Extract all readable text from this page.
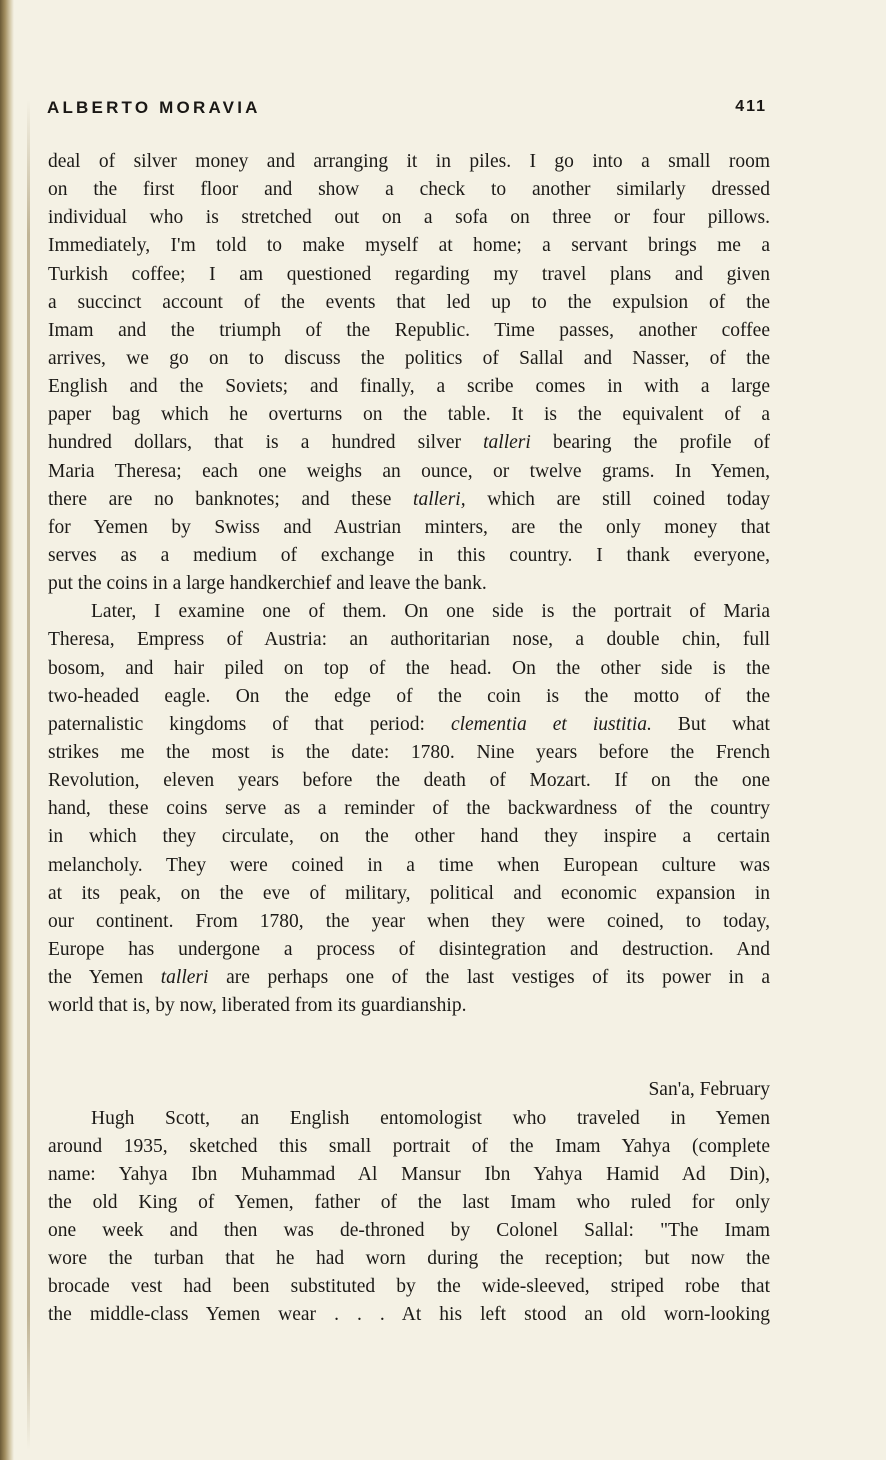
ALBERTO MORAVIA	411
deal of silver money and arranging it in piles. I go into a small room
on the first floor and show a check to another similarly dressed
individual who is stretched out on a sofa on three or four pillows.
Immediately, I'm told to make myself at home; a servant brings me a
Turkish coffee; I am questioned regarding my travel plans and given
a succinct account of the events that led up to the expulsion of the
Imam and the triumph of the Republic. Time passes, another coffee
arrives, we go on to discuss the politics of Sallal and Nasser, of the
English and the Soviets; and finally, a scribe comes in with a large
paper bag which he overturns on the table. It is the equivalent of a
hundred dollars, that is a hundred silver talleri bearing the profile of
Maria Theresa; each one weighs an ounce, or twelve grams. In Yemen,
there are no banknotes; and these talleri, which are still coined today
for Yemen by Swiss and Austrian minters, are the only money that
serves as a medium of exchange in this country. I thank everyone,
put the coins in a large handkerchief and leave the bank.
Later, I examine one of them. On one side is the portrait of Maria
Theresa, Empress of Austria: an authoritarian nose, a double chin, full
bosom, and hair piled on top of the head. On the other side is the
two-headed eagle. On the edge of the coin is the motto of the
paternalistic kingdoms of that period: clementia et iustitia. But what
strikes me the most is the date: 1780. Nine years before the French
Revolution, eleven years before the death of Mozart. If on the one
hand, these coins serve as a reminder of the backwardness of the country
in which they circulate, on the other hand they inspire a certain
melancholy. They were coined in a time when European culture was
at its peak, on the eve of military, political and economic expansion in
our continent. From 1780, the year when they were coined, to today,
Europe has undergone a process of disintegration and destruction. And
the Yemen talleri are perhaps one of the last vestiges of its power in a
world that is, by now, liberated from its guardianship.
San'a, February
Hugh Scott, an English entomologist who traveled in Yemen
around 1935, sketched this small portrait of the Imam Yahya (complete
name: Yahya Ibn Muhammad Al Mansur Ibn Yahya Hamid Ad Din),
the old King of Yemen, father of the last Imam who ruled for only
one week and then was de-throned by Colonel Sallal: "The Imam
wore the turban that he had worn during the reception; but now the
brocade vest had been substituted by the wide-sleeved, striped robe that
the middle-class Yemen wear . . . At his left stood an old worn-looking
